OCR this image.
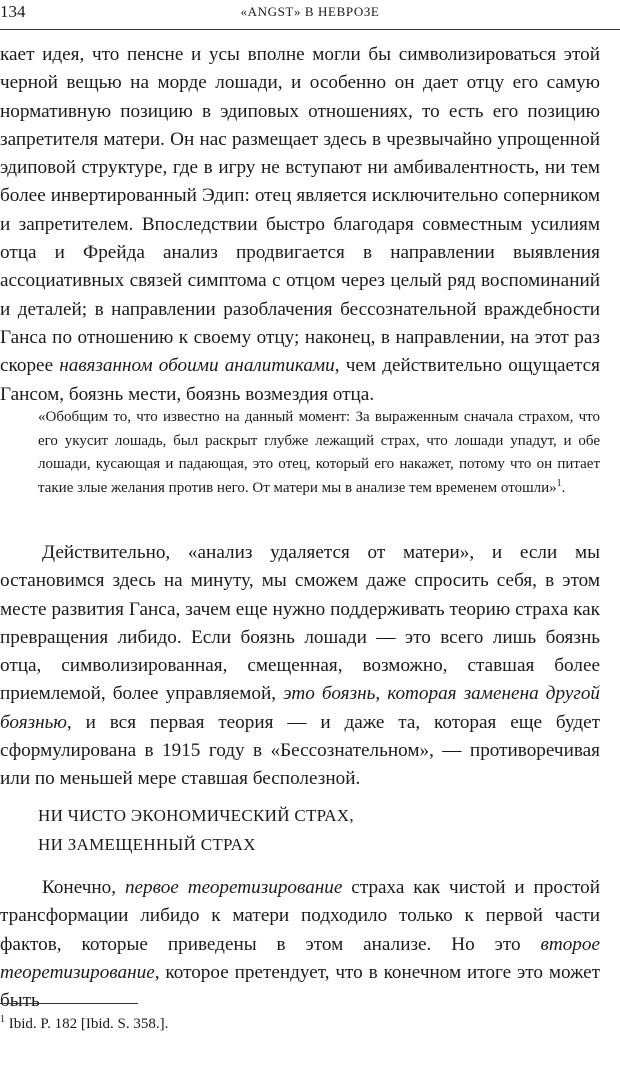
134	«ANGST» В НЕВРОЗЕ

кает идея, что пенсне и усы вполне могли бы символизироваться этой черной вещью на морде лошади, и особенно он дает отцу его самую нормативную позицию в эдиповых отношениях, то есть его позицию запретителя матери. Он нас размещает здесь в чрезвычайно упрощенной эдиповой структуре, где в игру не вступают ни амбивалентность, ни тем более инвертированный Эдип: отец является исключительно соперником и запретителем. Впоследствии быстро благодаря совместным усилиям отца и Фрейда анализ продвигается в направлении выявления ассоциативных связей симптома с отцом через целый ряд воспоминаний и деталей; в направлении разоблачения бессознательной враждебности Ганса по отношению к своему отцу; наконец, в направлении, на этот раз скорее навязанном обоими аналитиками, чем действительно ощущается Гансом, боязнь мести, боязнь возмездия отца.

«Обобщим то, что известно на данный момент: За выраженным сначала страхом, что его укусит лошадь, был раскрыт глубже лежащий страх, что лошади упадут, и обе лошади, кусающая и падающая, это отец, который его накажет, потому что он питает такие злые желания против него. От матери мы в анализе тем временем отошли»$^1$.

Действительно, «анализ удаляется от матери», и если мы остановимся здесь на минуту, мы сможем даже спросить себя, в этом месте развития Ганса, зачем еще нужно поддерживать теорию страха как превращения либидо. Если боязнь лошади — это всего лишь боязнь отца, символизированная, смещенная, возможно, ставшая более приемлемой, более управляемой, это боязнь, которая заменена другой боязнью, и вся первая теория — и даже та, которая еще будет сформулирована в 1915 году в «Бессознательном», — противоречивая или по меньшей мере ставшая бесполезной.

НИ ЧИСТО ЭКОНОМИЧЕСКИЙ СТРАХ,
НИ ЗАМЕЩЕННЫЙ СТРАХ

Конечно, первое теоретизирование страха как чистой и простой трансформации либидо к матери подходило только к первой части фактов, которые приведены в этом анализе. Но это второе теоретизирование, которое претендует, что в конечном итоге это может быть

$^1$ Ibid. P. 182 [Ibid. S. 358.].
